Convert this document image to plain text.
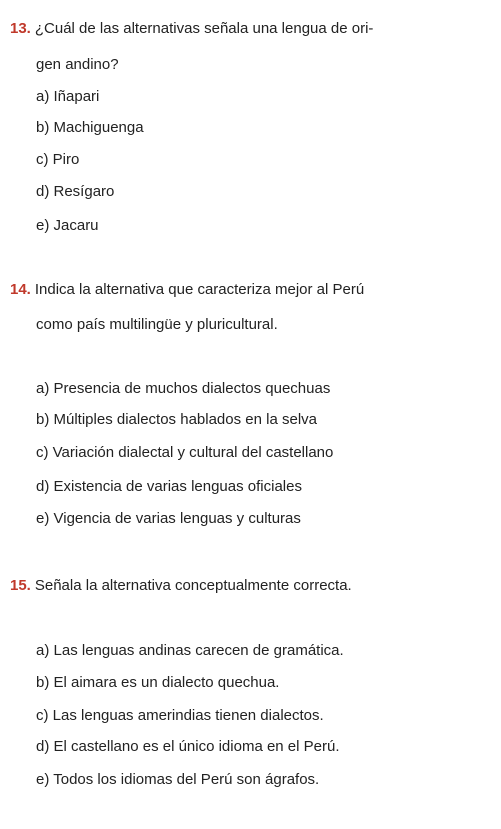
13. ¿Cuál de las alternativas señala una lengua de ori-
gen andino?
a) Iñapari
b) Machiguenga
c) Piro
d) Resígaro
e) Jacaru
14. Indica la alternativa que caracteriza mejor al Perú
como país multilingüe y pluricultural.
a) Presencia de muchos dialectos quechuas
b) Múltiples dialectos hablados en la selva
c) Variación dialectal y cultural del castellano
d) Existencia de varias lenguas oficiales
e) Vigencia de varias lenguas y culturas
15. Señala la alternativa conceptualmente correcta.
a) Las lenguas andinas carecen de gramática.
b) El aimara es un dialecto quechua.
c) Las lenguas amerindias tienen dialectos.
d) El castellano es el único idioma en el Perú.
e) Todos los idiomas del Perú son ágrafos.
